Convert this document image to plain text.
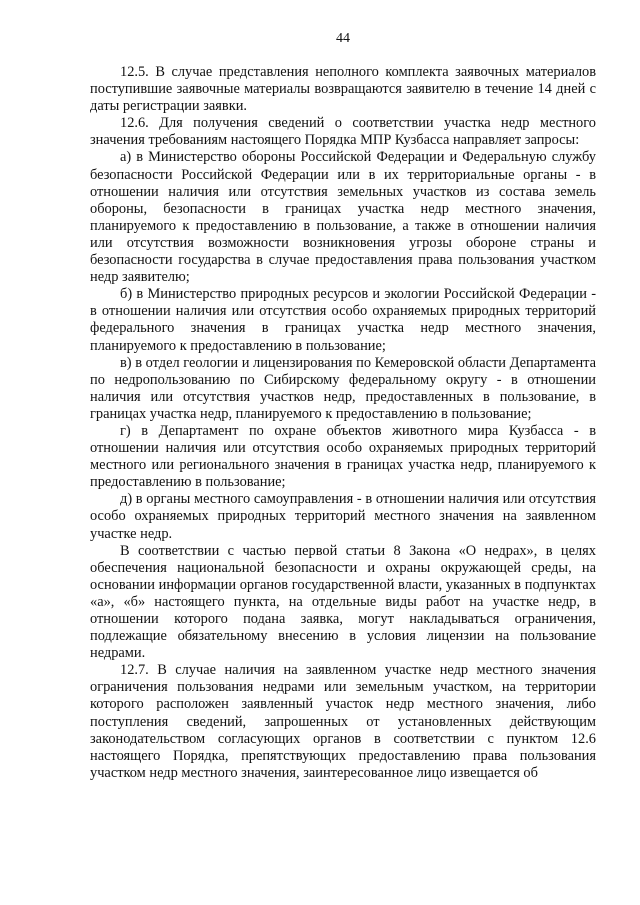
44

12.5. В случае представления неполного комплекта заявочных материалов поступившие заявочные материалы возвращаются заявителю в течение 14 дней с даты регистрации заявки.

12.6. Для получения сведений о соответствии участка недр местного значения требованиям настоящего Порядка МПР Кузбасса направляет запросы:

а) в Министерство обороны Российской Федерации и Федеральную службу безопасности Российской Федерации или в их территориальные органы - в отношении наличия или отсутствия земельных участков из состава земель обороны, безопасности в границах участка недр местного значения, планируемого к предоставлению в пользование, а также в отношении наличия или отсутствия возможности возникновения угрозы обороне страны и безопасности государства в случае предоставления права пользования участком недр заявителю;

б) в Министерство природных ресурсов и экологии Российской Федерации - в отношении наличия или отсутствия особо охраняемых природных территорий федерального значения в границах участка недр местного значения, планируемого к предоставлению в пользование;

в) в отдел геологии и лицензирования по Кемеровской области Департамента по недропользованию по Сибирскому федеральному округу - в отношении наличия или отсутствия участков недр, предоставленных в пользование, в границах участка недр, планируемого к предоставлению в пользование;

г) в Департамент по охране объектов животного мира Кузбасса - в отношении наличия или отсутствия особо охраняемых природных территорий местного или регионального значения в границах участка недр, планируемого к предоставлению в пользование;

д) в органы местного самоуправления - в отношении наличия или отсутствия особо охраняемых природных территорий местного значения на заявленном участке недр.

В соответствии с частью первой статьи 8 Закона «О недрах», в целях обеспечения национальной безопасности и охраны окружающей среды, на основании информации органов государственной власти, указанных в подпунктах «а», «б» настоящего пункта, на отдельные виды работ на участке недр, в отношении которого подана заявка, могут накладываться ограничения, подлежащие обязательному внесению в условия лицензии на пользование недрами.

12.7. В случае наличия на заявленном участке недр местного значения ограничения пользования недрами или земельным участком, на территории которого расположен заявленный участок недр местного значения, либо поступления сведений, запрошенных от установленных действующим законодательством согласующих органов в соответствии с пунктом 12.6 настоящего Порядка, препятствующих предоставлению права пользования участком недр местного значения, заинтересованное лицо извещается об
